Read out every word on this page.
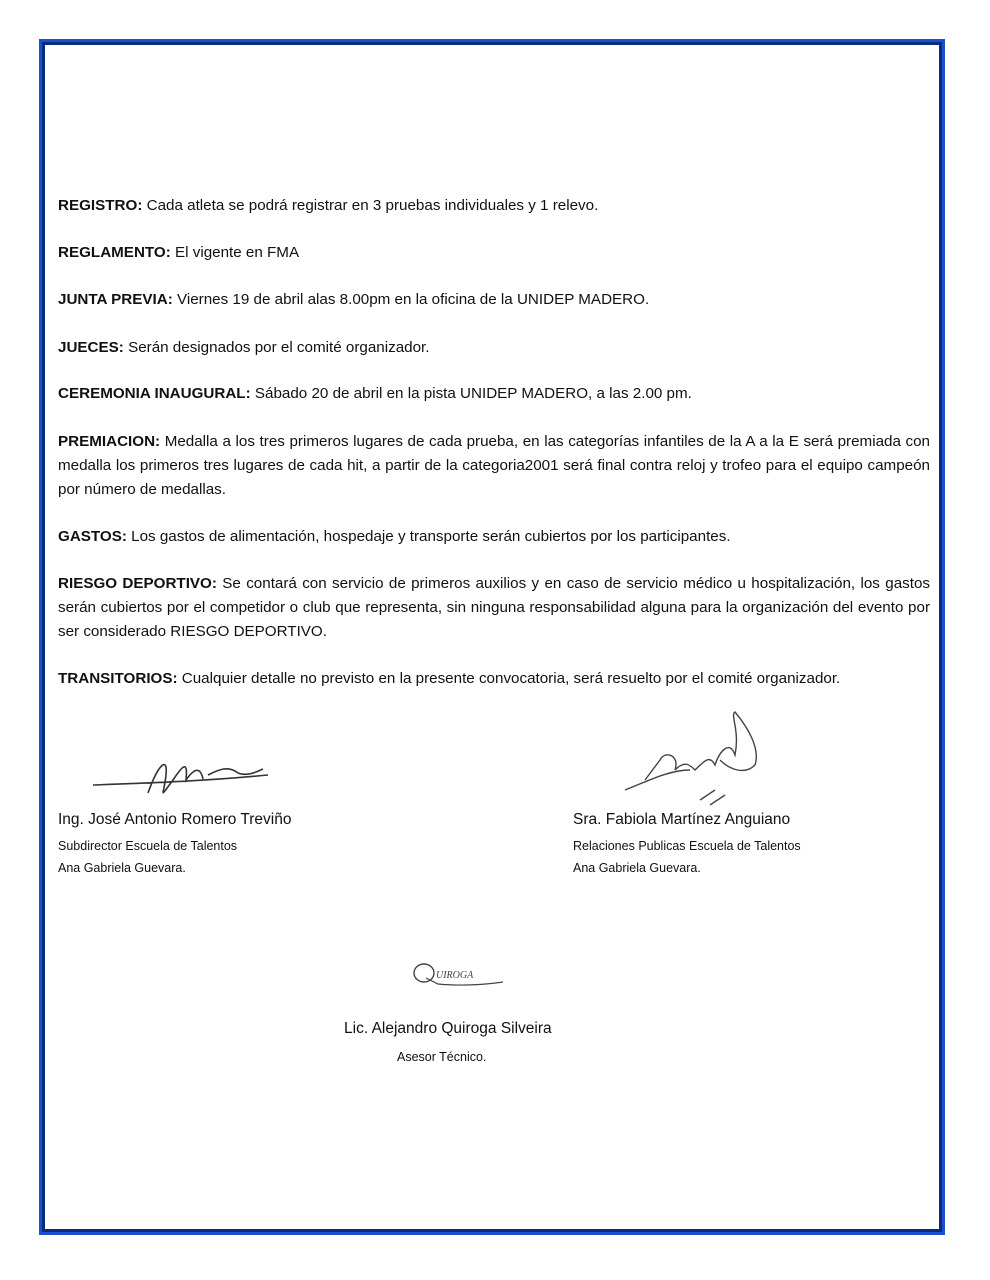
REGISTRO: Cada atleta se podrá registrar en 3 pruebas individuales y 1 relevo.
REGLAMENTO: El vigente en FMA
JUNTA PREVIA: Viernes 19 de abril alas 8.00pm en la oficina de la UNIDEP MADERO.
JUECES: Serán designados por el comité organizador.
CEREMONIA INAUGURAL: Sábado 20 de abril en la pista UNIDEP MADERO, a las 2.00 pm.
PREMIACION: Medalla a los tres primeros lugares de cada prueba, en las categorías infantiles de la A a la E será premiada con medalla los primeros tres lugares de cada hit, a partir de la categoria2001 será final contra reloj y trofeo para el equipo campeón por número de medallas.
GASTOS: Los gastos de alimentación, hospedaje y transporte serán cubiertos por los participantes.
RIESGO DEPORTIVO: Se contará con servicio de primeros auxilios y en caso de servicio médico u hospitalización, los gastos serán cubiertos por el competidor o club que representa, sin ninguna responsabilidad alguna para la organización del evento por ser considerado RIESGO DEPORTIVO.
TRANSITORIOS: Cualquier detalle no previsto en la presente convocatoria, será resuelto por el comité organizador.
Ing. José Antonio Romero Treviño
Subdirector Escuela de Talentos
Ana Gabriela Guevara.
Sra. Fabiola Martínez Anguiano
Relaciones Publicas Escuela de Talentos
Ana Gabriela Guevara.
UIROGA
Lic. Alejandro Quiroga Silveira
Asesor Técnico.
